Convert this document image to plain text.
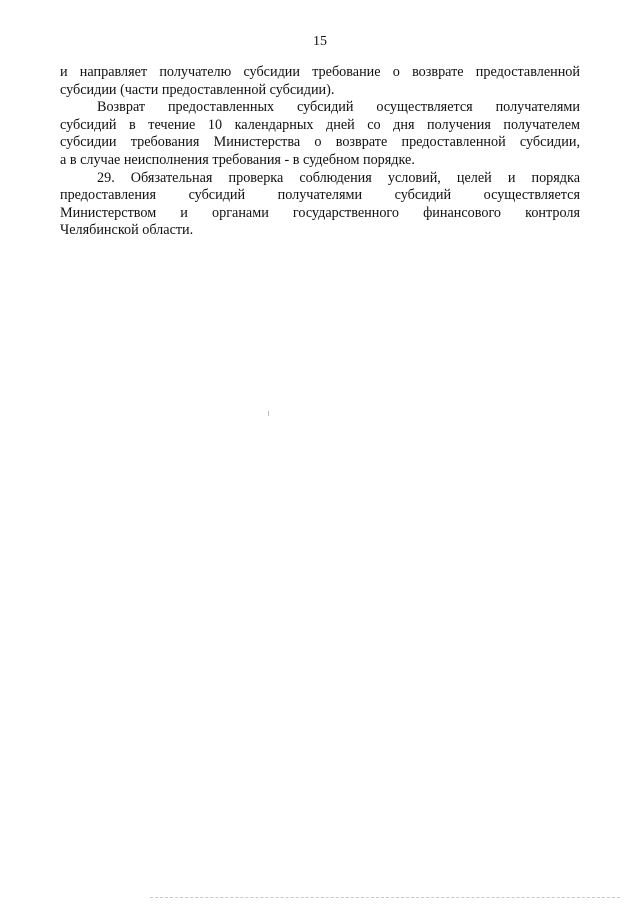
15
и направляет получателю субсидии требование о возврате предоставленной
субсидии (части предоставленной субсидии).
Возврат предоставленных субсидий осуществляется получателями
субсидий в течение 10 календарных дней со дня получения получателем
субсидии требования Министерства о возврате предоставленной субсидии,
а в случае неисполнения требования - в судебном порядке.
29. Обязательная проверка соблюдения условий, целей и порядка
предоставления субсидий получателями субсидий осуществляется
Министерством и органами государственного финансового контроля
Челябинской области.
